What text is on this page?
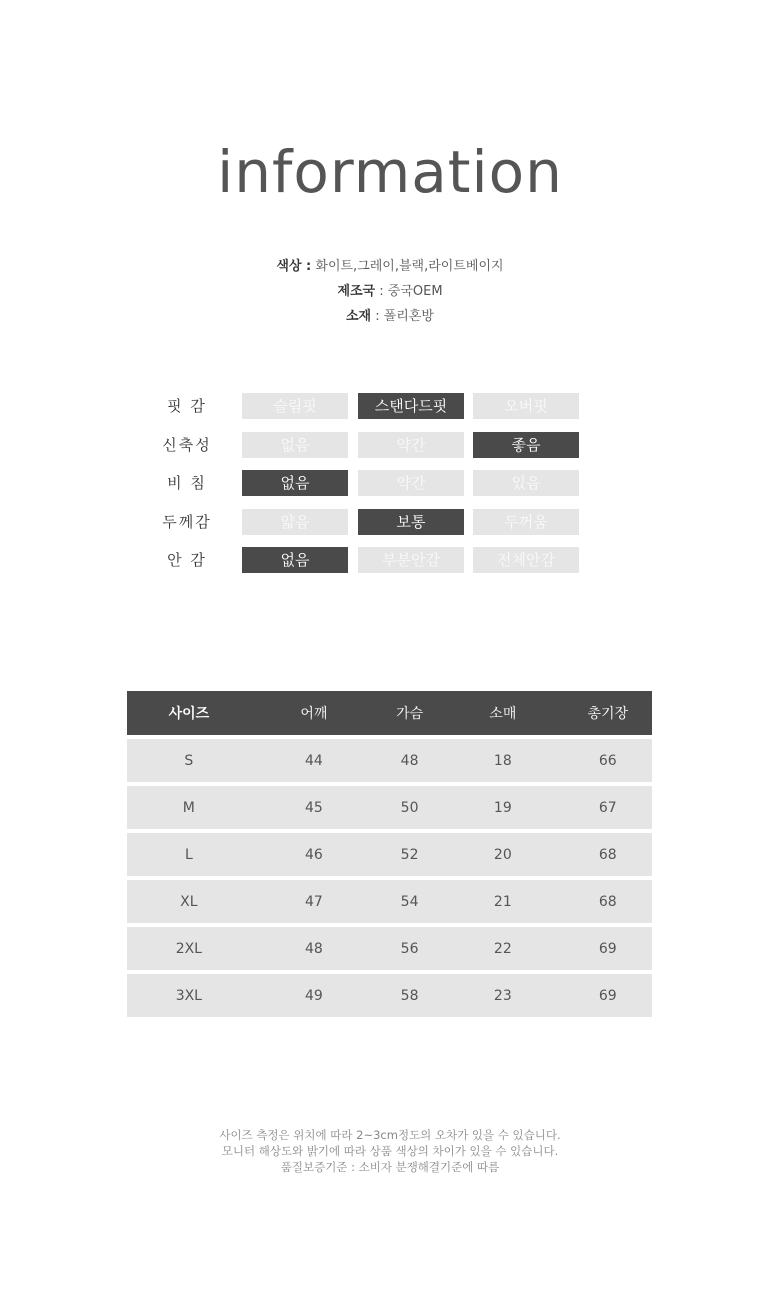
information
색상 : 화이트,그레이,블랙,라이트베이지
제조국 : 중국OEM
소재 : 폴리혼방
핏 감	슬림핏	스탠다드핏	오버핏
신축성	없음	약간	좋음
비 침	없음	약간	있음
두께감	얇음	보통	두꺼움
안 감	없음	부분안감	전체안감
사이즈	어깨	가슴	소매	총기장
S	44	48	18	66
M	45	50	19	67
L	46	52	20	68
XL	47	54	21	68
2XL	48	56	22	69
3XL	49	58	23	69
사이즈 측정은 위치에 따라 2~3cm정도의 오차가 있을 수 있습니다.
모니터 해상도와 밝기에 따라 상품 색상의 차이가 있을 수 있습니다.
품질보증기준 : 소비자 분쟁해결기준에 따름
